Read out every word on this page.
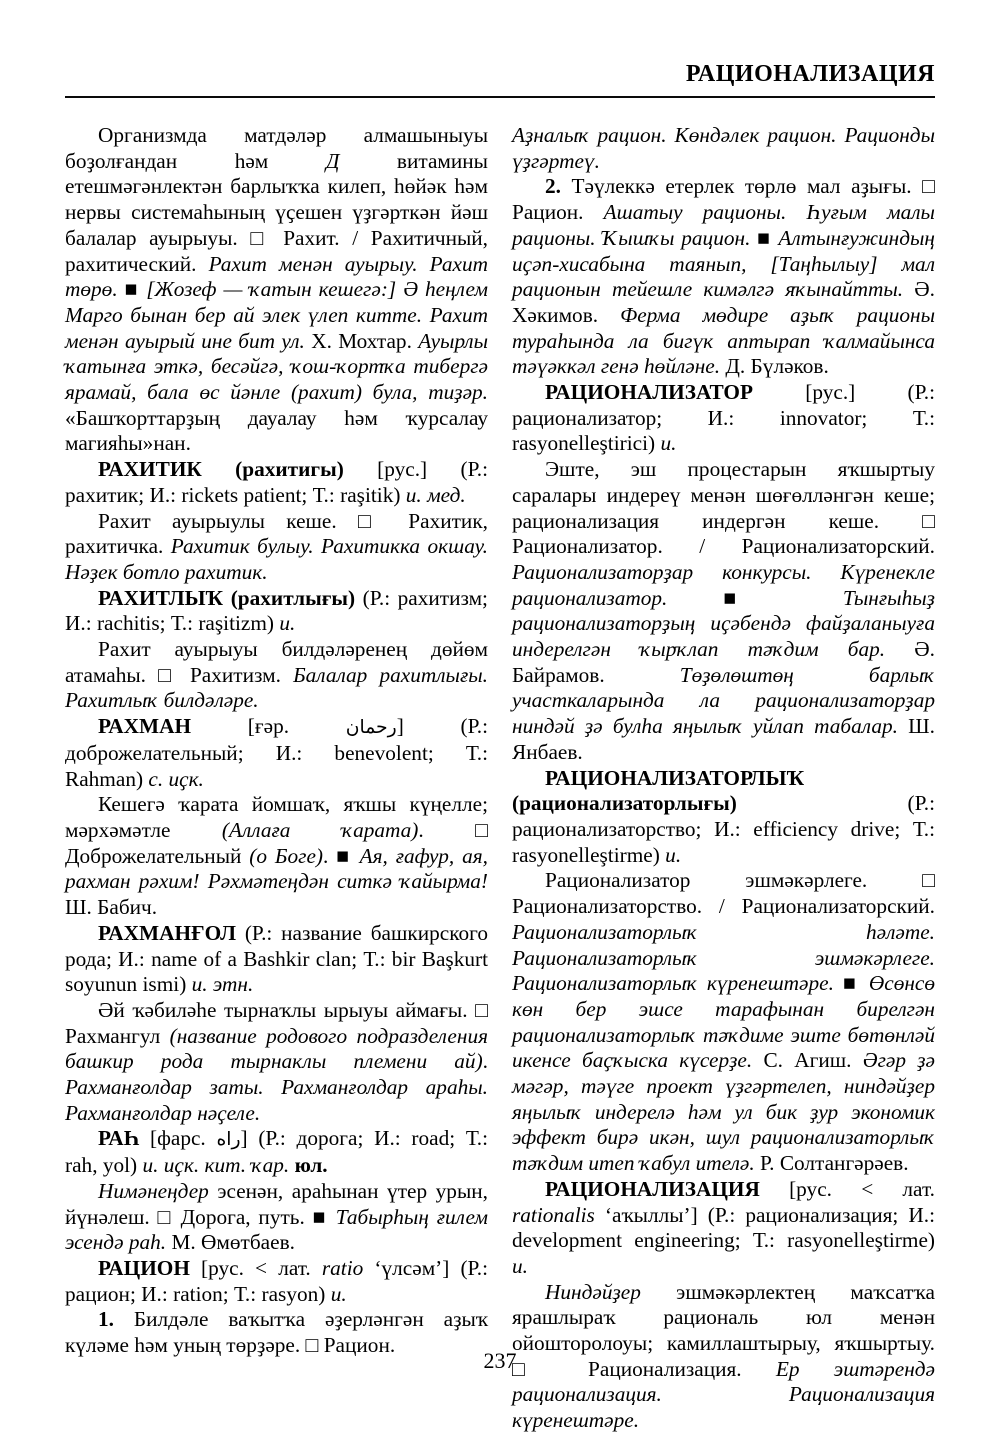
РАЦИОНАЛИЗАЦИЯ

Организмда матдәләр алмашыныуы боҙолғандан һәм Д витамины етешмәгәнлектән барлыҡҡа килеп, һөйәк һәм нервы системаһының үҫешен үҙгәрткән йәш балалар ауырыуы. □ Рахит. / Рахитичный, рахитический. Рахит менән ауырыу. Рахит төрө. ■ [Жозеф — ҡатын кешегә:] Ә һеңлем Марго бынан бер ай элек үлеп китте. Рахит менән ауырый ине бит ул. Х. Мохтар. Ауырлы ҡатынға эткә, бесәйгә, ҡош-ҡортҡа тибергә ярамай, бала өс йәнле (рахит) була, тиҙәр. «Башҡорттарҙың дауалау һәм ҡурсалау магияһы»нан.

РАХИТИК (рахитигы) [рус.] (Р.: рахитик; И.: rickets patient; Т.: raşitik) и. мед.

Рахит ауырыулы кеше. □ Рахитик, рахитичка. Рахитик булыу. Рахитикка окшау. Нәҙек ботло рахитик.

РАХИТЛЫҠ (рахитлығы) (Р.: рахитизм; И.: rachitis; Т.: raşitizm) и.

Рахит ауырыуы билдәләренең дөйөм атамаһы. □ Рахитизм. Балалар рахитлығы. Рахитлыҡ билдәләре.

РАХМАН [ғәр. رحمان] (Р.: доброжелательный; И.: benevolent; Т.: Rahman) с. иҫк.

Кешегә ҡарата йомшаҡ, яҡшы күңелле; мәрхәмәтле (Аллаға ҡарата). □ Доброжелательный (о Боге). ■ Ая, ғафур, ая, рахман рәхим! Рәхмәтеңдән ситкә ҡайырма! Ш. Бабич.

РАХМАНҒОЛ (Р.: название башкирского рода; И.: name of a Bashkir clan; Т.: bir Başkurt soyunun ismi) и. этн.

Әй ҡәбиләһе тырнаҡлы ырыуы аймағы. □ Рахмангул (название родового подразделения башкир рода тырнаклы племени ай). Рахманғолдар заты. Рахманғолдар араһы. Рахманғолдар нәҫеле.

РАҺ [фарс. راه] (Р.: дорога; И.: road; Т.: rah, yol) и. иҫк. кит. ҡар. юл.

Нимәнеңдер эсенән, араһынан үтер урын, йүнәлеш. □ Дорога, путь. ■ Табырһың ғилем эсендә раһ. М. Өмөтбаев.

РАЦИОН [рус. < лат. ratio ‘үлсәм’] (Р.: рацион; И.: ration; Т.: rasyon) и.

1. Билдәле ваҡытҡа әҙерләнгән аҙыҡ күләме һәм уның төрҙәре. □ Рацион.

Аҙналыҡ рацион. Көндәлек рацион. Рационды үҙгәртеү.

2. Тәүлеккә етерлек төрлө мал аҙығы. □ Рацион. Ашатыу рационы. Һуғым малы рационы. Ҡышҡы рацион. ■ Алтынғужиндың иҫәп-хисабына таянып, [Таңһылыу] мал рационын тейешле кимәлгә яҡынайтты. Ә. Хәкимов. Ферма мөдире аҙыҡ рационы тураһында ла бигүк аптырап ҡалмайынса тәүәккәл генә һөйләне. Д. Бүләков.

РАЦИОНАЛИЗАТОР [рус.] (Р.: рационализатор; И.: innovator; Т.: rasyonelleştirici) и.

Эште, эш процестарын яҡшыртыу саралары индереү менән шөғөлләнгән кеше; рационализация индергән кеше. □ Рационализатор. / Рационализаторский. Рационализаторҙар конкурсы. Күренекле рационализатор. ■ Тынғыһыҙ рационализаторҙың иҫәбендә файҙаланыуға индерелгән ҡырҡлап тәҡдим бар. Ә. Байрамов. Төҙөлөштөң барлыҡ участкаларында ла рационализаторҙар ниндәй ҙә булһа яңылыҡ уйлап табалар. Ш. Янбаев.

РАЦИОНАЛИЗАТОРЛЫҠ (рационализаторлығы) (Р.: рационализаторство; И.: efficiency drive; Т.: rasyonelleştirme) и.

Рационализатор эшмәкәрлеге. □ Рационализаторство. / Рационализаторский. Рационализаторлыҡ һәләте. Рационализаторлыҡ эшмәкәрлеге. Рационализаторлыҡ күренештәре. ■ Өсөнсө көн бер эшсе тарафынан бирелгән рационализаторлыҡ тәҡдиме эште бөтөнләй икенсе баҫҡыска күсерҙе. С. Агиш. Әгәр ҙә мәгәр, тәүге проект үҙгәртелеп, ниндәйҙер яңылыҡ индерелә һәм ул бик ҙур экономик эффект бирә икән, шул рационализаторлыҡ тәҡдим итеп ҡабул ителә. Р. Солтангәрәев.

РАЦИОНАЛИЗАЦИЯ [рус. < лат. rationalis ‘аҡыллы’] (Р.: рационализация; И.: development engineering; Т.: rasyonelleştirme) и.

Ниндәйҙер эшмәкәрлектең маҡсатҡа ярашлыраҡ рациональ юл менән ойошторолоуы; камиллаштырыу, яҡшыртыу. □ Рационализация. Ер эштәрендә рационализация. Рационализация күренештәре.

237
